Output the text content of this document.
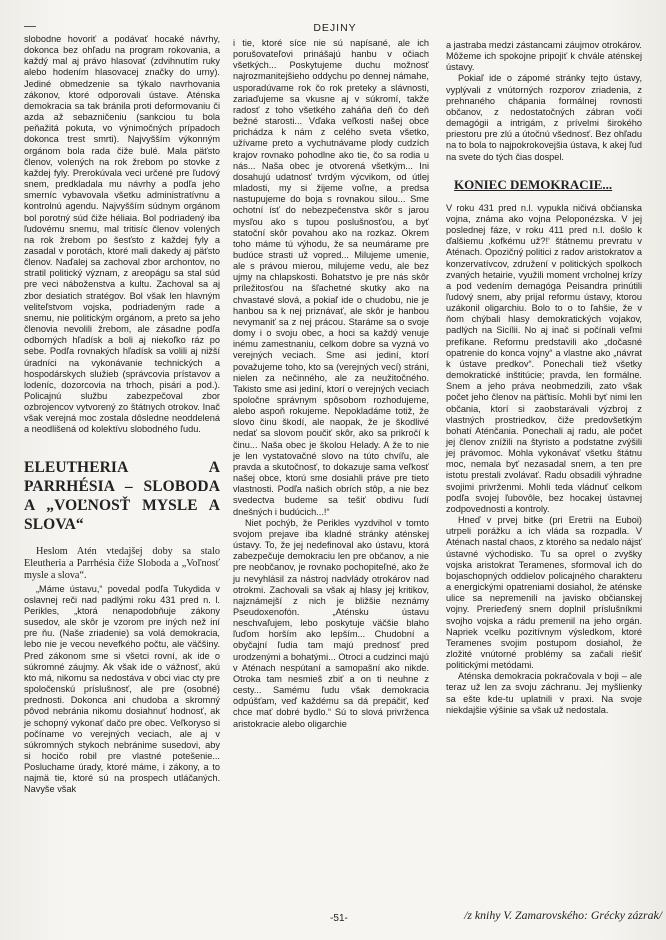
DEJINY

slobodne hovoriť a podávať hocaké návrhy, dokonca bez ohľadu na program rokovania, a každý mal aj právo hlasovať (zdvihnutím ruky alebo hodením hlasovacej značky do urny). Jediné obmedzenie sa týkalo navrhovania zákonov, ktoré odporovali ústave. Aténska demokracia sa tak bránila proti deformovaniu či azda až sebazničeniu (sankciou tu bola peňažitá pokuta, vo výnimočných prípadoch dokonca trest smrti). Najvyšším výkonným orgánom bola rada čiže bulé. Mala päťsto členov, volených na rok žrebom po stovke z každej fyly. Prerokúvala veci určené pre ľudový snem, predkladala mu návrhy a podľa jeho smerníc vybavovala všetku administratívnu a kontrolnú agendu. Najvyšším súdnym orgánom bol porotný súd čiže héliaia. Bol podriadený iba ľudovému snemu, mal tritisíc členov volených na rok žrebom po šesťsto z každej fyly a zasadal v porotách, ktoré mali dakedy aj päťsto členov. Naďalej sa zachoval zbor archontov, no stratil politický význam, z areopágu sa stal súd pre veci náboženstva a kultu. Zachoval sa aj zbor desiatich stratégov. Bol však len hlavným veliteľstvom vojska, podriadeným rade a snemu, nie politickým orgánom, a preto sa jeho členovia nevolili žrebom, ale zásadne podľa odborných hľadísk a boli aj niekoľko ráz po sebe. Podľa rovnakých hľadísk sa volili aj nižší úradníci na vykonávanie technických a hospodárskych služieb (správcovia prístavov a lodeníc, dozorcovia na trhoch, pisári a pod.). Policajnú službu zabezpečoval zbor ozbrojencov vytvorený zo štátnych otrokov. Inač však verejná moc zostala dôsledne neoddelená a neodlišená od kolektívu slobodného ľudu.

ELEUTHERIA A PARRHÉSIA – SLOBODA A „VOĽNOSŤ MYSLE A SLOVA“

Heslom Atén vtedajšej doby sa stalo Eleutheria a Parrhésia čiže Sloboda a „Voľnosť mysle a slova“.

„Máme ústavu,“ povedal podľa Tukydida v oslavnej reči nad padlými roku 431 pred n. l. Perikles, „ktorá nenapodobňuje zákony susedov, ale skôr je vzorom pre iných než iní pre ňu. (Naše zriadenie) sa volá demokracia, lebo nie je vecou nevefkého počtu, ale väčšiny. Pred zákonom sme si všetci rovní, ak ide o súkromné záujmy. Ak však ide o vážnosť, akú kto má, nikomu sa nedostáva v obci viac cty pre spoločenskú príslušnosť, ale pre (osobné) prednosti. Dokonca ani chudoba a skromný pôvod nebránia nikomu dosiahnuť hodnosť, ak je schopný vykonať dačo pre obec. Veľkoryso si počíname vo verejných veciach, ale aj v súkromných stykoch nebránime susedovi, aby si hocičo robil pre vlastné potešenie... Posluchame úrady, ktoré máme, i zákony, a to najmä tie, ktoré sú na prospech utláčaných. Navyše však

i tie, ktoré síce nie sú napísané, ale ich porušovateľovi prinášajú hanbu v očiach všetkých... Poskytujeme duchu možnosť najrozmanitejšieho oddychu po dennej námahe, usporadúvame rok čo rok preteky a slávnosti, zariaďujeme sa vkusne aj v súkromí, takže radosť z toho všetkého zaháňa deň čo deň bežné starosti... Vďaka veľkosti našej obce prichádza k nám z celého sveta všetko, užívame preto a vychutnávame plody cudzích krajov rovnako pohodlne ako tie, čo sa rodia u nás... Naša obec je otvorená všetkým... Ini dosahujú udatnosť tvrdým výcvikom, od útlej mladosti, my si žijeme voľne, a predsa nastupujeme do boja s rovnakou silou... Sme ochotní ísť do nebezpečenstva skôr s jarou mysľou ako s tupou poslušnosťou, a byť statoční skôr povahou ako na rozkaz. Okrem toho máme tú výhodu, že sa neumárame pre budúce strasti už vopred... Milujeme umenie, ale s právou mierou, milujeme vedu, ale bez ujmy na chlapskosti. Bohatstvo je pre nás skôr príležitosťou na šľachetné skutky ako na chvastavé slová, a pokiaľ ide o chudobu, nie je hanbou sa k nej priznávať, ale skôr je hanbou nevymaniť sa z nej prácou. Staráme sa o svoje domy i o svoju obec, a hoci sa každý venuje inému zamestnaniu, celkom dobre sa vyzná vo verejných veciach. Sme asi jediní, ktorí považujeme toho, kto sa (verejných vecí) stráni, nielen za nečinného, ale za neužitočného. Takisto sme asi jediní, ktorí o verejných veciach spoločne správnym spôsobom rozhodujeme, alebo aspoň rokujeme. Nepokladáme totiž, že slovo činu škodí, ale naopak, že je škodlivé nedať sa slovom poučiť skôr, ako sa prikročí k činu... Naša obec je školou Helady. A že to nie je len vystatovačné slovo na túto chvíľu, ale pravda a skutočnosť, to dokazuje sama veľkosť našej obce, ktorú sme dosiahli práve pre tieto vlastnosti. Podľa našich obrích stôp, a nie bez svedectva budeme sa tešiť obdivu ľudí dnešných i budúcich...!“

Niet pochýb, že Perikles vyzdvihol v tomto svojom prejave iba kladné stránky aténskej ústavy. To, že jej nedefinoval ako ústavu, ktorá zabezpečuje demokraciu len pre občanov, a nie pre neobčanov, je rovnako pochopiteľné, ako že ju nevyhlásil za nástroj nadvlády otrokárov nad otrokmi. Zachovali sa však aj hlasy jej kritikov, najznámejší z nich je bližšie neznámy Pseudoxenofón. „Aténsku ústavu neschvaľujem, lebo poskytuje väčšie blaho ľuďom horším ako lepším... Chudobní a obyčajní ľudia tam majú prednosť pred urodzenými a bohatými... Otroci a cudzinci majú v Aténach nespútaní a samopašní ako nikde. Otroka tam nesmieš zbiť a on ti neuhne z cesty... Samému ľudu však demokracia odpúšťam, veď každému sa dá prepáčiť, keď chce mať dobré bydlo.“ Sú to slová privrženca aristokracie alebo oligarchie

a jastraba medzi zástancami záujmov otrokárov. Môžeme ich spokojne pripojiť k chvále aténskej ústavy.

Pokiaľ ide o zápomé stránky tejto ústavy, vyplývali z vnútorných rozporov zriadenia, z prehnaného chápania formálnej rovnosti občanov, z nedostatočných zábran voči demagógii a intrigám, z prívelmi širokého priestoru pre zlú a útočnú všednosť. Bez ohľadu na to bola to najpokrokovejšia ústava, k akej ľud na svete do tých čias dospel.

KONIEC DEMOKRACIE...

V roku 431 pred n.l. vypukla ničivá občianska vojna, známa ako vojna Peloponézska. V jej poslednej fáze, v roku 411 pred n.l. došlo k ďalšiemu ‚kofkému už?!‘ štátnemu prevratu v Aténach. Opozičný politici z radov aristokratov a konzervatívcov, združení v politických spolkoch zvaných hetairie, využili moment vrcholnej krízy a pod vedením demagóga Peisandra prinútili ľudový snem, aby prijal reformu ústavy, ktorou uzákonil oligarchiu. Bolo to o to ľahšie, že v ňom chýbali hlasy demokratických vojakov, padlých na Sicílii. No aj inač si počínali veľmi prefíkane. Reformu predstavili ako „dočasné opatrenie do konca vojny“ a vlastne ako „návrat k ústave predkov“. Ponechali tiež všetky demokratické inštitúcie; pravda, len formálne. Snem a jeho práva neobmedzili, zato však počet jeho členov na päťtisíc. Mohli byť nimi len občania, ktorí si zaobstarávali výzbroj z vlastných prostriedkov, čiže predovšetkým bohatí Aténčania. Ponechali aj radu, ale počet jej členov znížili na štyristo a podstatne zvýšili jej právomoc. Mohla vykonávať všetku štátnu moc, nemala byť nezasadal snem, a ten pre istotu prestali zvolávať. Radu obsadili výhradne svojimi privrženmi. Mohli teda vládnuť celkom podľa svojej ľubovôle, bez hocakej ústavnej zodpovednosti a kontroly.

Hneď v prvej bitke (pri Eretrii na Euboi) utrpeli porážku a ich vláda sa rozpadla. V Aténach nastal chaos, z ktorého sa nedalo nájsť ústavné východisko. Tu sa oprel o zvyšky vojska aristokrat Teramenes, sformoval ich do bojaschopných oddielov policajného charakteru a energickými opatreniami dosiahol, že aténske ulice sa nepremenili na javisko občianskej vojny. Prerieďený snem doplnil príslušníkmi svojho vojska a rádu premenil na jeho orgán. Napriek vcelku pozitívnym výsledkom, ktoré Teramenes svojim postupom dosiahol, že zložité vnútorné problémy sa začali riešiť politickými metódami.

Aténska demokracia pokračovala v boji – ale teraz už len za svoju záchranu. Jej myšlienky sa ešte kde-tu uplatnili v praxi. Na svoje niekdajšie výšinie sa však už nedostala.

-51-	/z knihy V. Zamarovského: Grécky zázrak/
